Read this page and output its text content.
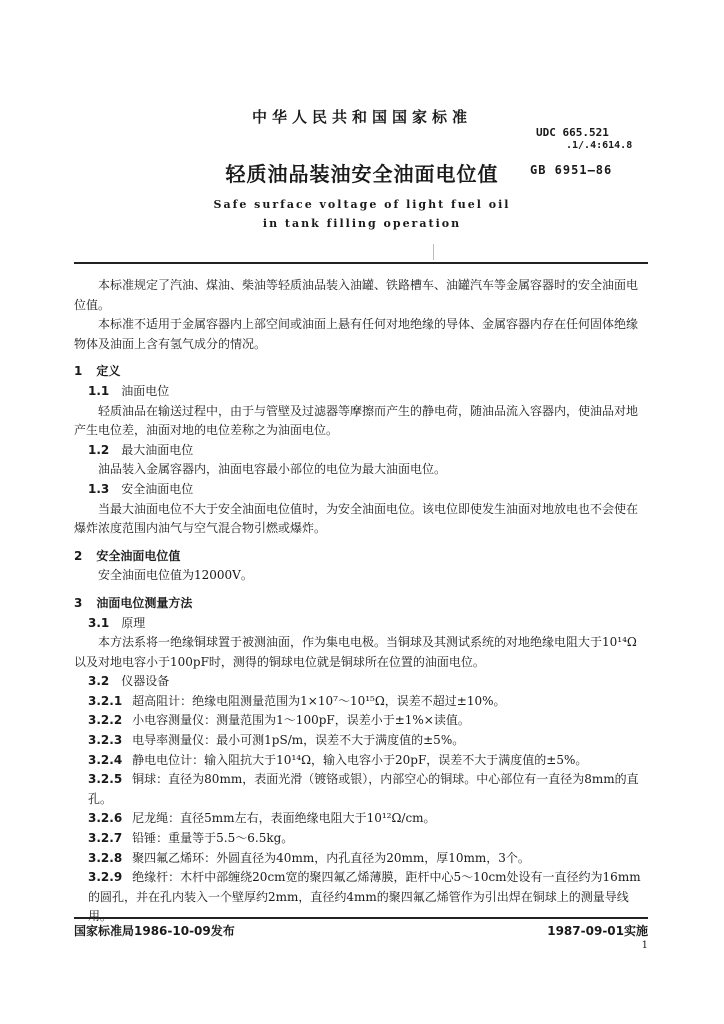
中华人民共和国国家标准
UDC 665.521
.1/.4:614.8
轻质油品装油安全油面电位值	GB 6951—86
Safe surface voltage of light fuel oil
in tank filling operation

本标准规定了汽油、煤油、柴油等轻质油品装入油罐、铁路槽车、油罐汽车等金属容器时的安全油面电位值。

本标准不适用于金属容器内上部空间或油面上悬有任何对地绝缘的导体、金属容器内存在任何固体绝缘物体及油面上含有氢气成分的情况。

1 定义

1.1 油面电位

轻质油品在输送过程中，由于与管壁及过滤器等摩擦而产生的静电荷，随油品流入容器内，使油品对地产生电位差，油面对地的电位差称之为油面电位。

1.2 最大油面电位

油品装入金属容器内，油面电容最小部位的电位为最大油面电位。

1.3 安全油面电位

当最大油面电位不大于安全油面电位值时，为安全油面电位。该电位即使发生油面对地放电也不会使在爆炸浓度范围内油气与空气混合物引燃或爆炸。

2 安全油面电位值

安全油面电位值为12000V。

3 油面电位测量方法

3.1 原理

本方法系将一绝缘铜球置于被测油面，作为集电电极。当铜球及其测试系统的对地绝缘电阻大于10¹⁴Ω以及对地电容小于100pF时，测得的铜球电位就是铜球所在位置的油面电位。

3.2 仪器设备

3.2.1 超高阻计：绝缘电阻测量范围为1×10⁷～10¹⁵Ω，误差不超过±10%。

3.2.2 小电容测量仪：测量范围为1～100pF，误差小于±1%×读值。

3.2.3 电导率测量仪：最小可测1pS/m，误差不大于满度值的±5%。

3.2.4 静电电位计：输入阻抗大于10¹⁴Ω，输入电容小于20pF，误差不大于满度值的±5%。

3.2.5 铜球：直径为80mm，表面光滑（镀铬或银），内部空心的铜球。中心部位有一直径为8mm的直孔。

3.2.6 尼龙绳：直径5mm左右，表面绝缘电阻大于10¹²Ω/cm。

3.2.7 铅锤：重量等于5.5～6.5kg。

3.2.8 聚四氟乙烯环：外圆直径为40mm，内孔直径为20mm，厚10mm，3个。

3.2.9 绝缘杆：木杆中部缠绕20cm宽的聚四氟乙烯薄膜，距杆中心5～10cm处设有一直径约为16mm的圆孔，并在孔内装入一个壁厚约2mm，直径约4mm的聚四氟乙烯管作为引出焊在铜球上的测量导线用。

国家标准局1986-10-09发布	1987-09-01实施
1
